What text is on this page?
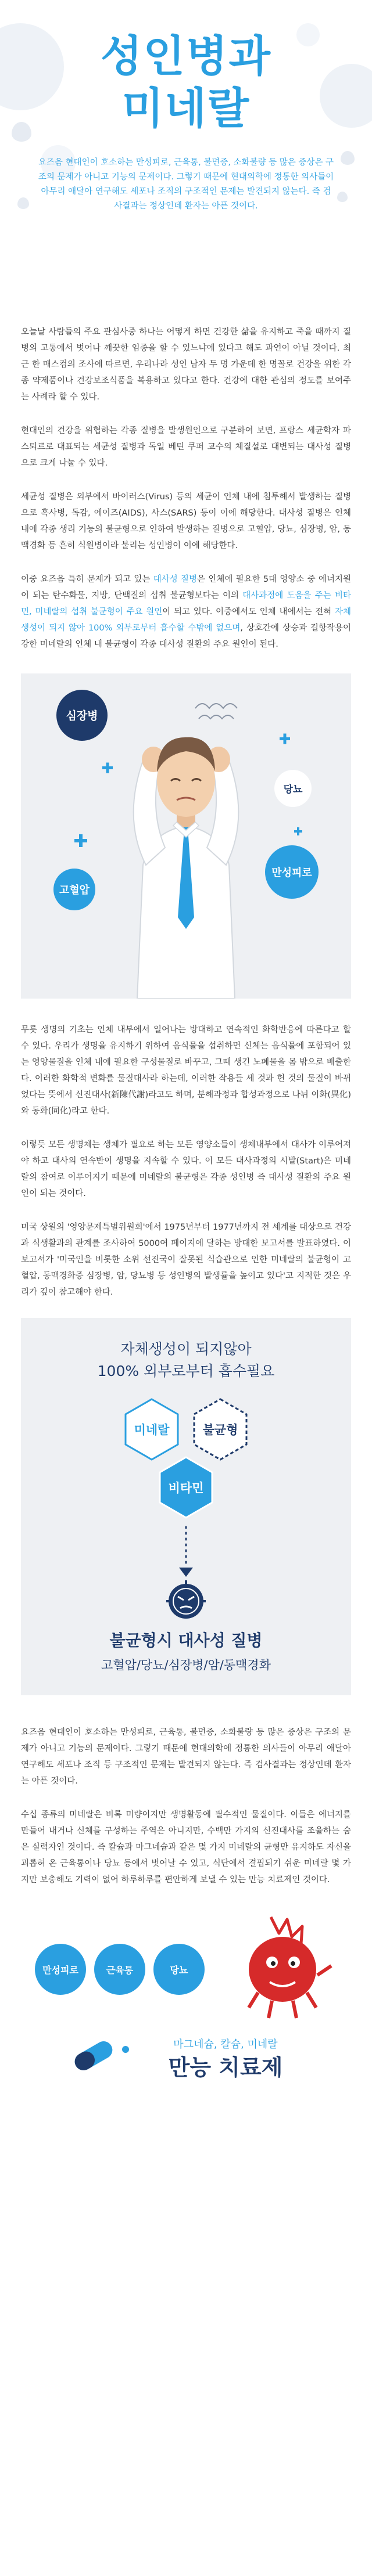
성인병과
미네랄

요즈음 현대인이 호소하는 만성피로, 근육통, 불면증, 소화불량 등 많은 증상은 구조의 문제가 아니고 기능의 문제이다. 그렇기 때문에 현대의학에 정통한 의사들이 아무리 애달아 연구해도 세포나 조직의 구조적인 문제는 발견되지 않는다. 즉 검사결과는 정상인데 환자는 아픈 것이다.

오늘날 사람들의 주요 관심사중 하나는 어떻게 하면 건강한 삶을 유지하고 죽을 때까지 질병의 고통에서 벗어나 깨끗한 임종을 할 수 있느냐에 있다고 해도 과언이 아닐 것이다. 최근 한 매스컴의 조사에 따르면, 우리나라 성인 남자 두 명 가운데 한 명꼴로 건강을 위한 각종 약제품이나 건강보조식품을 복용하고 있다고 한다. 건강에 대한 관심의 정도를 보여주는 사례라 할 수 있다.

현대인의 건강을 위협하는 각종 질병을 발생원인으로 구분하여 보면, 프랑스 세균학자 파스퇴르로 대표되는 세균성 질병과 독일 베틴 쿠퍼 교수의 체질설로 대변되는 대사성 질병으로 크게 나눌 수 있다.

세균성 질병은 외부에서 바이러스(Virus) 등의 세균이 인체 내에 침투해서 발생하는 질병으로 흑사병, 독감, 에이즈(AIDS), 사스(SARS) 등이 이에 해당한다. 대사성 질병은 인체 내에 각종 생리 기능의 불균형으로 인하여 발생하는 질병으로 고혈압, 당뇨, 심장병, 암, 동맥경화 등 흔히 식원병이라 불리는 성인병이 이에 해당한다.

이중 요즈음 특히 문제가 되고 있는 대사성 질병은 인체에 필요한 5대 영양소 중 에너지원이 되는 탄수화물, 지방, 단백질의 섭취 불균형보다는 이의 대사과정에 도움을 주는 비타민, 미네랄의 섭취 불균형이 주요 원인이 되고 있다. 이중에서도 인체 내에서는 전혀 자체 생성이 되지 않아 100% 외부로부터 흡수할 수밖에 없으며, 상호간에 상승과 길항작용이 강한 미네랄의 인체 내 불균형이 각종 대사성 질환의 주요 원인이 된다.

심장병
당뇨
고혈압
만성피로

무릇 생명의 기초는 인체 내부에서 일어나는 방대하고 연속적인 화학반응에 따른다고 할 수 있다. 우리가 생명을 유지하기 위하여 음식물을 섭취하면 신체는 음식물에 포함되어 있는 영양물질을 인체 내에 필요한 구성물질로 바꾸고, 그때 생긴 노폐물을 몸 밖으로 배출한다. 이러한 화학적 변화를 물질대사라 하는데, 이러한 작용들 세 것과 헌 것의 물질이 바뀌었다는 뜻에서 신진대사(新陳代謝)라고도 하며, 분해과정과 합성과정으로 나뉘 이화(異化)와 동화(同化)라고 한다.

이렇듯 모든 생명체는 생체가 필요로 하는 모든 영양소들이 생체내부에서 대사가 이루어져야 하고 대사의 연속반이 생명을 지속할 수 있다. 이 모든 대사과정의 시발(Start)은 미네랄의 참여로 이루어지기 때문에 미네랄의 불균형은 각종 성인병 즉 대사성 질환의 주요 원인이 되는 것이다.

미국 상원의 '영양문제특별위원회'에서 1975년부터 1977년까지 전 세계를 대상으로 건강과 식생활과의 관계를 조사하여 5000여 페이지에 달하는 방대한 보고서를 발표하였다. 이 보고서가 '미국인을 비롯한 소위 선진국이 잘못된 식습관으로 인한 미네랄의 불균형이 고혈압, 동맥경화증 심장병, 암, 당뇨병 등 성인병의 발생률을 높이고 있다'고 지적한 것은 우리가 깊이 참고해야 한다.

자체생성이 되지않아
100% 외부로부터 흡수필요
미네랄	불균형
비타민
불균형시 대사성 질병
고혈압/당뇨/심장병/암/동맥경화

요즈음 현대인이 호소하는 만성피로, 근육통, 불면증, 소화불량 등 많은 증상은 구조의 문제가 아니고 기능의 문제이다. 그렇기 때문에 현대의학에 정통한 의사들이 아무리 애달아 연구해도 세포나 조직 등 구조적인 문제는 발견되지 않는다. 즉 검사결과는 정상인데 환자는 아픈 것이다.

수십 종류의 미네랄은 비록 미량이지만 생명활동에 필수적인 물질이다. 이들은 에너지를 만들어 내거나 신체를 구성하는 주역은 아니지만, 수백만 가지의 신진대사를 조율하는 숨은 실력자인 것이다. 즉 칼슘과 마그네슘과 같은 몇 가지 미네랄의 균형만 유지하도 자신을 괴롭혀 온 근육통이나 당뇨 등에서 벗어날 수 있고, 식단에서 결핍되기 쉬운 미네랄 몇 가지만 보충해도 기력이 없어 하루하루를 편안하게 보낼 수 있는 만능 치료제인 것이다.

만성피로	근육통	당뇨
마그네슘, 칼슘, 미네랄
만능 치료제
